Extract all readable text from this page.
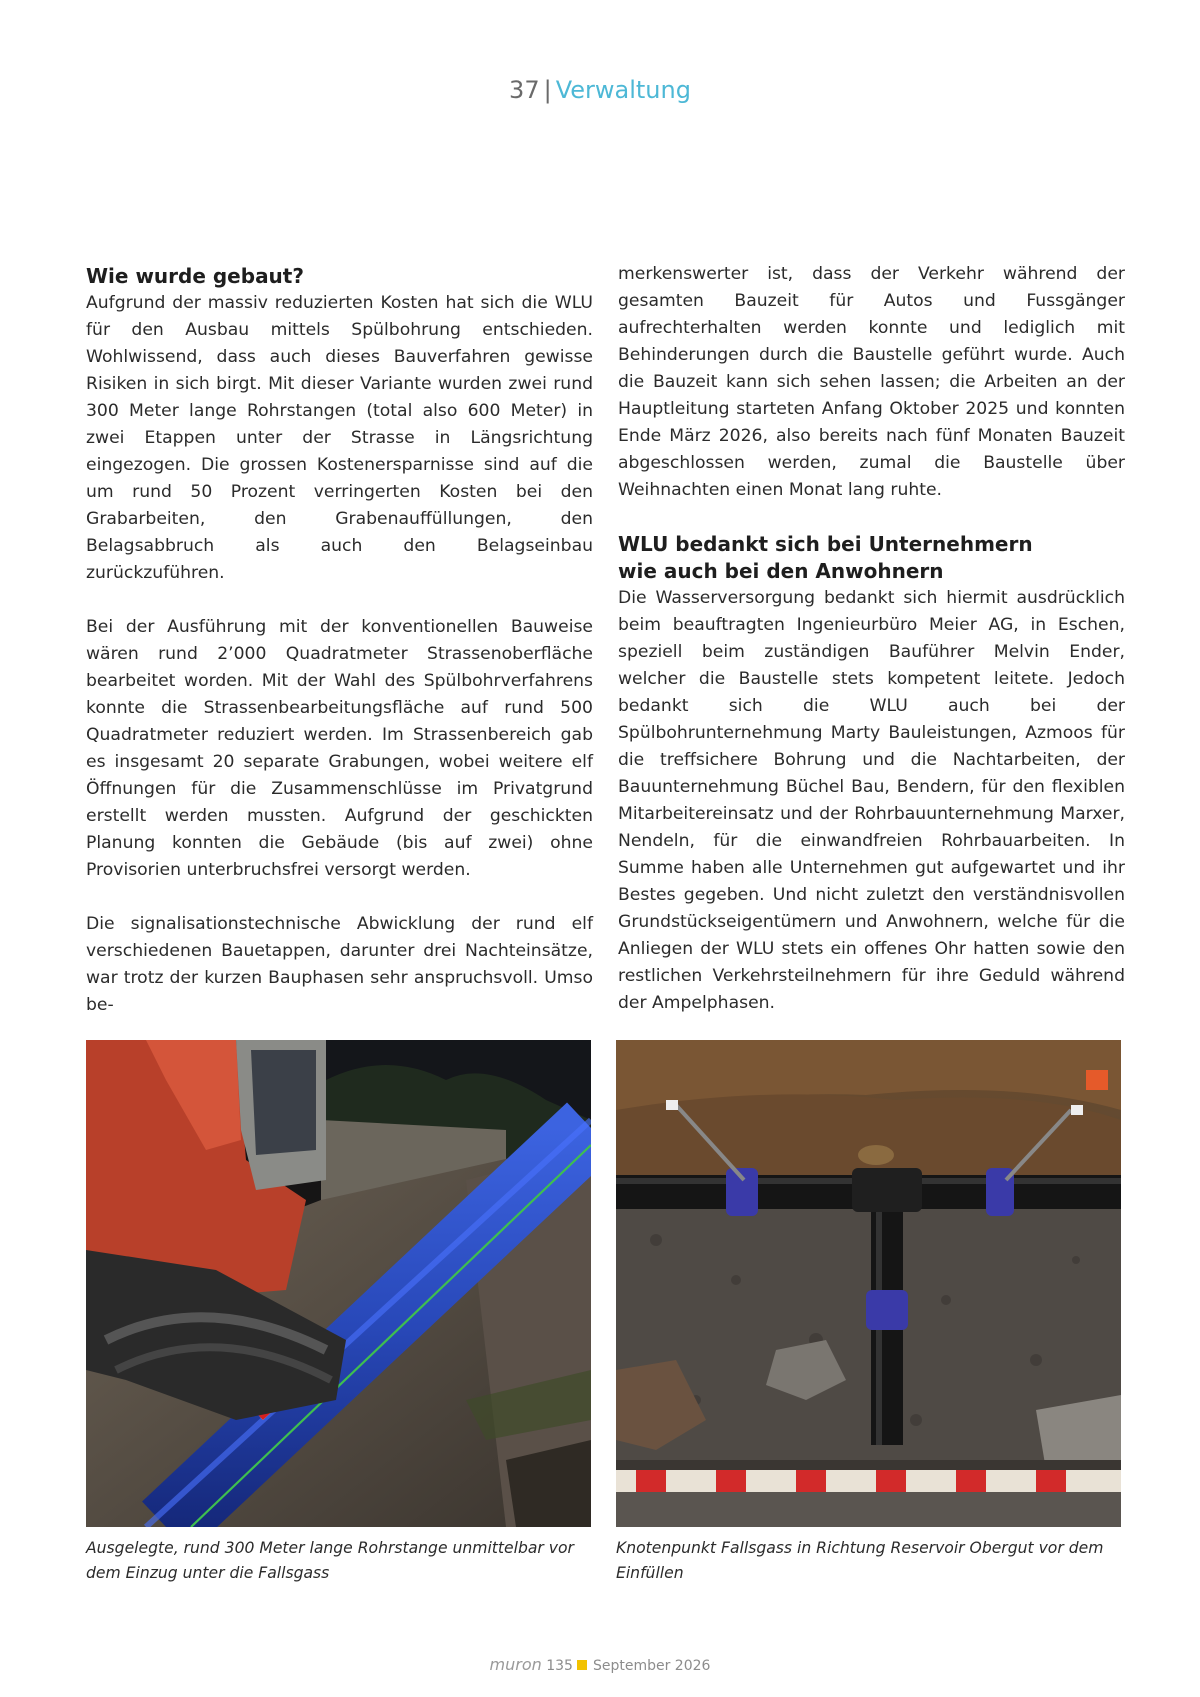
37 | Verwaltung
Wie wurde gebaut?

Aufgrund der massiv reduzierten Kosten hat sich die WLU für den Ausbau mittels Spülbohrung entschieden. Wohlwissend, dass auch dieses Bauverfahren gewisse Risiken in sich birgt. Mit dieser Variante wurden zwei rund 300 Meter lange Rohrstangen (total also 600 Meter) in zwei Etappen unter der Strasse in Längsrichtung eingezogen. Die grossen Kostenersparnisse sind auf die um rund 50 Prozent verringerten Kosten bei den Grabarbeiten, den Grabenauffüllungen, den Belagsabbruch als auch den Belagseinbau zurückzuführen.

Bei der Ausführung mit der konventionellen Bauweise wären rund 2’000 Quadratmeter Strassenoberfläche bearbeitet worden. Mit der Wahl des Spülbohrverfahrens konnte die Strassenbearbeitungsfläche auf rund 500 Quadratmeter reduziert werden. Im Strassenbereich gab es insgesamt 20 separate Grabungen, wobei weitere elf Öffnungen für die Zusammenschlüsse im Privatgrund erstellt werden mussten. Aufgrund der geschickten Planung konnten die Gebäude (bis auf zwei) ohne Provisorien unterbruchsfrei versorgt werden.

Die signalisationstechnische Abwicklung der rund elf verschiedenen Bauetappen, darunter drei Nachteinsätze, war trotz der kurzen Bauphasen sehr anspruchsvoll. Umso be-

merkenswerter ist, dass der Verkehr während der gesamten Bauzeit für Autos und Fussgänger aufrechterhalten werden konnte und lediglich mit Behinderungen durch die Baustelle geführt wurde. Auch die Bauzeit kann sich sehen lassen; die Arbeiten an der Hauptleitung starteten Anfang Oktober 2025 und konnten Ende März 2026, also bereits nach fünf Monaten Bauzeit abgeschlossen werden, zumal die Baustelle über Weihnachten einen Monat lang ruhte.

WLU bedankt sich bei Unternehmern
wie auch bei den Anwohnern

Die Wasserversorgung bedankt sich hiermit ausdrücklich beim beauftragten Ingenieurbüro Meier AG, in Eschen, speziell beim zuständigen Bauführer Melvin Ender, welcher die Baustelle stets kompetent leitete. Jedoch bedankt sich die WLU auch bei der Spülbohrunternehmung Marty Bauleistungen, Azmoos für die treffsichere Bohrung und die Nachtarbeiten, der Bauunternehmung Büchel Bau, Bendern, für den flexiblen Mitarbeitereinsatz und der Rohrbauunternehmung Marxer, Nendeln, für die einwandfreien Rohrbauarbeiten. In Summe haben alle Unternehmen gut aufgewartet und ihr Bestes gegeben. Und nicht zuletzt den verständnisvollen Grundstückseigentümern und Anwohnern, welche für die Anliegen der WLU stets ein offenes Ohr hatten sowie den restlichen Verkehrsteilnehmern für ihre Geduld während der Ampelphasen.

Ausgelegte, rund 300 Meter lange Rohrstange unmittelbar vor dem Einzug unter die Fallsgass
Knotenpunkt Fallsgass in Richtung Reservoir Obergut vor dem Einfüllen
muron 135 September 2026
